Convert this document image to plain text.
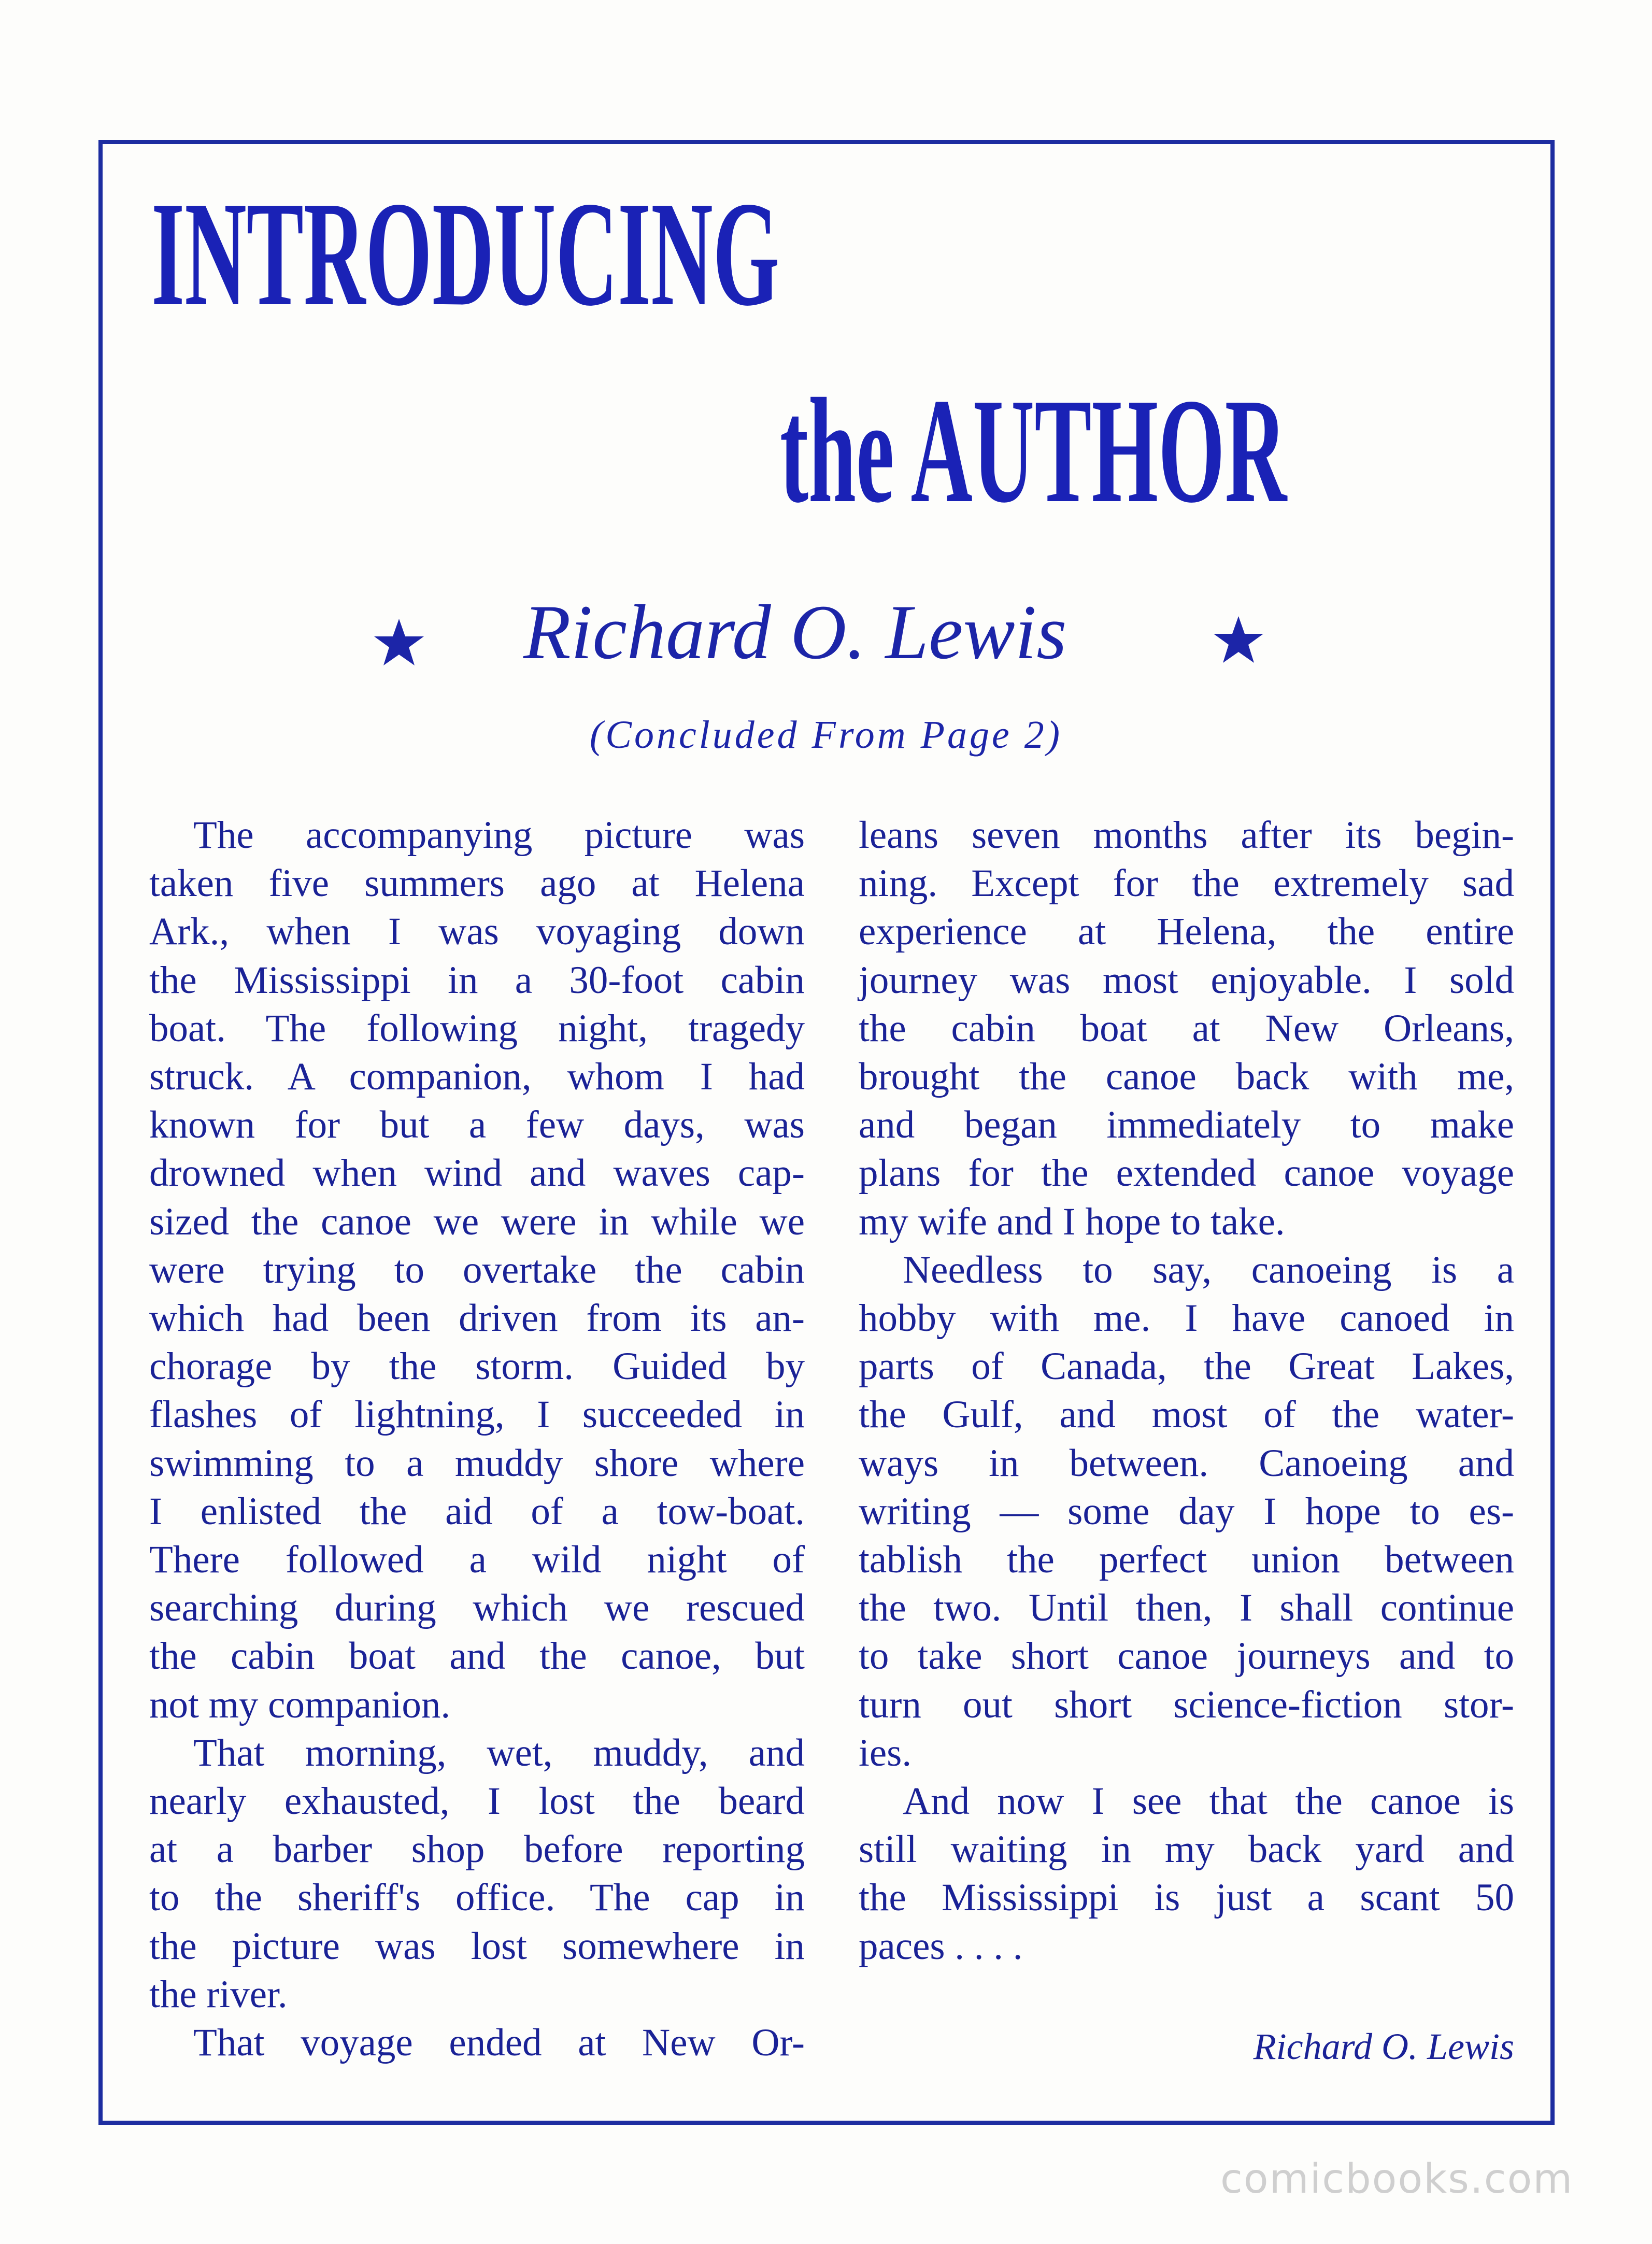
INTRODUCING
the AUTHOR
Richard O. Lewis
(Concluded From Page 2)
The accompanying picture was
taken five summers ago at Helena
Ark., when I was voyaging down
the Mississippi in a 30-foot cabin
boat. The following night, tragedy
struck. A companion, whom I had
known for but a few days, was
drowned when wind and waves cap-
sized the canoe we were in while we
were trying to overtake the cabin
which had been driven from its an-
chorage by the storm. Guided by
flashes of lightning, I succeeded in
swimming to a muddy shore where
I enlisted the aid of a tow-boat.
There followed a wild night of
searching during which we rescued
the cabin boat and the canoe, but
not my companion.
That morning, wet, muddy, and
nearly exhausted, I lost the beard
at a barber shop before reporting
to the sheriff's office. The cap in
the picture was lost somewhere in
the river.
That voyage ended at New Or-
leans seven months after its begin-
ning. Except for the extremely sad
experience at Helena, the entire
journey was most enjoyable. I sold
the cabin boat at New Orleans,
brought the canoe back with me,
and began immediately to make
plans for the extended canoe voyage
my wife and I hope to take.
Needless to say, canoeing is a
hobby with me. I have canoed in
parts of Canada, the Great Lakes,
the Gulf, and most of the water-
ways in between. Canoeing and
writing — some day I hope to es-
tablish the perfect union between
the two. Until then, I shall continue
to take short canoe journeys and to
turn out short science-fiction stor-
ies.
And now I see that the canoe is
still waiting in my back yard and
the Mississippi is just a scant 50
paces . . . .
Richard O. Lewis
comicbooks.com
